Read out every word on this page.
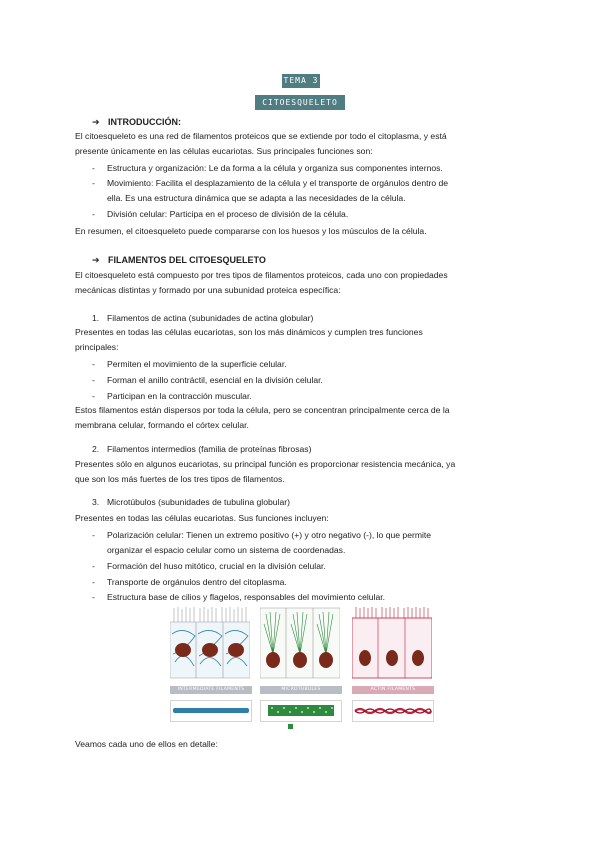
TEMA 3
CITOESQUELETO
➔ INTRODUCCIÓN:

El citoesqueleto es una red de filamentos proteicos que se extiende por todo el citoplasma, y está

presente únicamente en las células eucariotas. Sus principales funciones son:

- Estructura y organización: Le da forma a la célula y organiza sus componentes internos.
- Movimiento: Facilita el desplazamiento de la célula y el transporte de orgánulos dentro de
ella. Es una estructura dinámica que se adapta a las necesidades de la célula.
- División celular: Participa en el proceso de división de la célula.

En resumen, el citoesqueleto puede compararse con los huesos y los músculos de la célula.

➔ FILAMENTOS DEL CITOESQUELETO

El citoesqueleto está compuesto por tres tipos de filamentos proteicos, cada uno con propiedades

mecánicas distintas y formado por una subunidad proteica específica:

1. Filamentos de actina (subunidades de actina globular)

Presentes en todas las células eucariotas, son los más dinámicos y cumplen tres funciones

principales:

- Permiten el movimiento de la superficie celular.
- Forman el anillo contráctil, esencial en la división celular.
- Participan en la contracción muscular.

Estos filamentos están dispersos por toda la célula, pero se concentran principalmente cerca de la

membrana celular, formando el córtex celular.

2. Filamentos intermedios (familia de proteínas fibrosas)

Presentes sólo en algunos eucariotas, su principal función es proporcionar resistencia mecánica, ya

que son los más fuertes de los tres tipos de filamentos.

3. Microtúbulos (subunidades de tubulina globular)

Presentes en todas las células eucariotas. Sus funciones incluyen:

- Polarización celular: Tienen un extremo positivo (+) y otro negativo (-), lo que permite
organizar el espacio celular como un sistema de coordenadas.
- Formación del huso mitótico, crucial en la división celular.
- Transporte de orgánulos dentro del citoplasma.
- Estructura base de cilios y flagelos, responsables del movimiento celular.
INTERMEDIATE FILAMENTS	MICROTUBULES	ACTIN FILAMENTS

Veamos cada uno de ellos en detalle:
